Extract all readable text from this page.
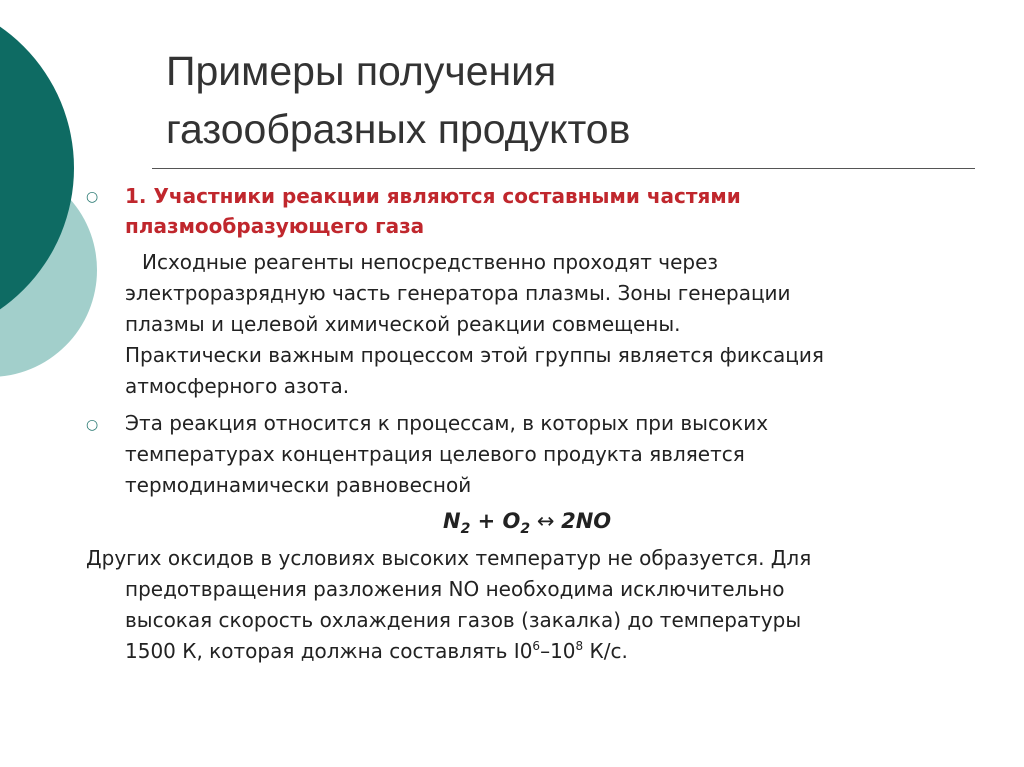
Примеры получения
газообразных продуктов
○ 1. Участники реакции являются составными частями
плазмообразующего газа
Исходные реагенты непосредственно проходят через
электроразрядную часть генератора плазмы. Зоны генерации
плазмы и целевой химической реакции совмещены.
Практически важным процессом этой группы является фиксация
атмосферного азота.
○ Эта реакция относится к процессам, в которых при высоких
температурах концентрация целевого продукта является
термодинамически равновесной
$N_2 + O_2$ ↔ 2NO
Других оксидов в условиях высоких температур не образуется. Для
предотвращения разложения NO необходима исключительно
высокая скорость охлаждения газов (закалка) до температуры
1500 К, которая должна составлять $I0^6-10^8$ К/с.
